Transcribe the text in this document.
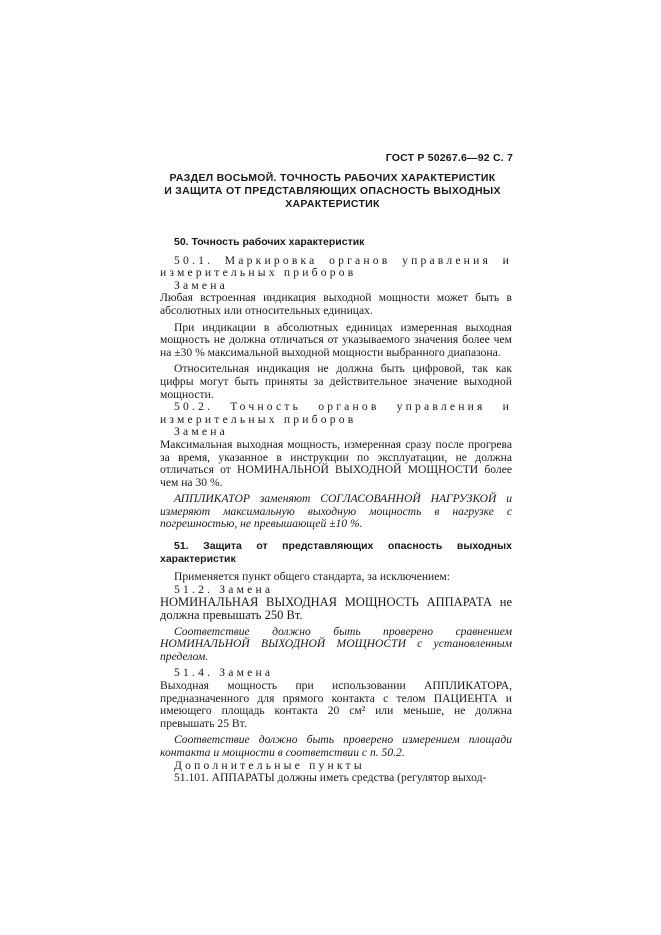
ГОСТ Р 50267.6—92 С. 7
РАЗДЕЛ ВОСЬМОЙ. ТОЧНОСТЬ РАБОЧИХ ХАРАКТЕРИСТИК
И ЗАЩИТА ОТ ПРЕДСТАВЛЯЮЩИХ ОПАСНОСТЬ ВЫХОДНЫХ
ХАРАКТЕРИСТИК

50. Точность рабочих характеристик

50.1. Маркировка органов управления и измерительных приборов

Замена

Любая встроенная индикация выходной мощности может быть в абсолютных или относительных единицах.

При индикации в абсолютных единицах измеренная выходная мощность не должна отличаться от указываемого значения более чем на ±30 % максимальной выходной мощности выбранного диапазона.

Относительная индикация не должна быть цифровой, так как цифры могут быть приняты за действительное значение выходной мощности.

50.2. Точность органов управления и измерительных приборов

Замена

Максимальная выходная мощность, измеренная сразу после прогрева за время, указанное в инструкции по эксплуатации, не должна отличаться от НОМИНАЛЬНОЙ ВЫХОДНОЙ МОЩНОСТИ более чем на 30 %.

АППЛИКАТОР заменяют СОГЛАСОВАННОЙ НАГРУЗКОЙ и измеряют максимальную выходную мощность в нагрузке с погрешностью, не превышающей ±10 %.

51. Защита от представляющих опасность выходных характеристик

Применяется пункт общего стандарта, за исключением:

51.2. Замена

НОМИНАЛЬНАЯ ВЫХОДНАЯ МОЩНОСТЬ АППАРАТА не должна превышать 250 Вт.

Соответствие должно быть проверено сравнением НОМИНАЛЬНОЙ ВЫХОДНОЙ МОЩНОСТИ с установленным пределом.

51.4. Замена

Выходная мощность при использовании АППЛИКАТОРА, предназначенного для прямого контакта с телом ПАЦИЕНТА и имеющего площадь контакта 20 см² или меньше, не должна превышать 25 Вт.

Соответствие должно быть проверено измерением площади контакта и мощности в соответствии с п. 50.2.

Дополнительные пункты

51.101. АППАРАТЫ должны иметь средства (регулятор выход-
